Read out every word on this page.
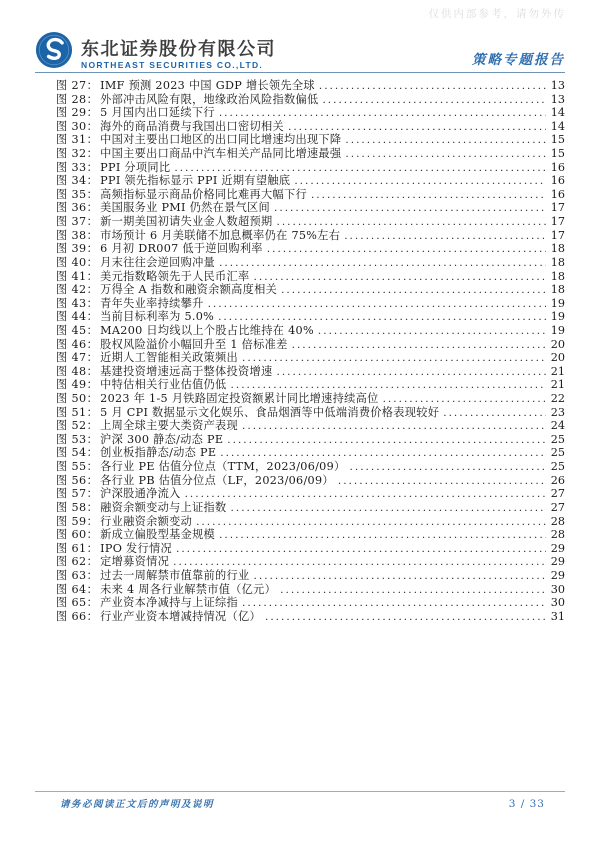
仅供内部参考，请勿外传
东北证券股份有限公司
NORTHEAST SECURITIES CO.,LTD.	策略专题报告
图 27： IMF 预测 2023 中国 GDP 增长领先全球 .....	13
图 28： 外部冲击风险有限，地缘政治风险指数偏低 .....	13
图 29： 5 月国内出口延续下行 .....	14
图 30： 海外的商品消费与我国出口密切相关 .....	14
图 31： 中国对主要出口地区的出口同比增速均出现下降 .....	15
图 32： 中国主要出口商品中汽车相关产品同比增速最强 .....	15
图 33： PPI 分项同比 .....	16
图 34： PPI 领先指标显示 PPI 近期有望触底 .....	16
图 35： 高频指标显示商品价格同比难再大幅下行 .....	16
图 36： 美国服务业 PMI 仍然在景气区间 .....	17
图 37： 新一期美国初请失业金人数超预期 .....	17
图 38： 市场预计 6 月美联储不加息概率仍在 75%左右 .....	17
图 39： 6 月初 DR007 低于逆回购利率 .....	18
图 40： 月末往往会逆回购冲量 .....	18
图 41： 美元指数略领先于人民币汇率 .....	18
图 42： 万得全 A 指数和融资余额高度相关 .....	18
图 43： 青年失业率持续攀升 .....	19
图 44： 当前目标利率为 5.0% .....	19
图 45： MA200 日均线以上个股占比维持在 40% .....	19
图 46： 股权风险溢价小幅回升至 1 倍标准差 .....	20
图 47： 近期人工智能相关政策频出 .....	20
图 48： 基建投资增速远高于整体投资增速 .....	21
图 49： 中特估相关行业估值仍低 .....	21
图 50： 2023 年 1-5 月铁路固定投资额累计同比增速持续高位 .....	22
图 51： 5 月 CPI 数据显示文化娱乐、食品烟酒等中低端消费价格表现较好 .....	23
图 52： 上周全球主要大类资产表现 .....	24
图 53： 沪深 300 静态/动态 PE .....	25
图 54： 创业板指静态/动态 PE .....	25
图 55： 各行业 PE 估值分位点（TTM，2023/06/09） .....	25
图 56： 各行业 PB 估值分位点（LF，2023/06/09） .....	26
图 57： 沪深股通净流入 .....	27
图 58： 融资余额变动与上证指数 .....	27
图 59： 行业融资余额变动 .....	28
图 60： 新成立偏股型基金规模 .....	28
图 61： IPO 发行情况 .....	29
图 62： 定增募资情况 .....	29
图 63： 过去一周解禁市值靠前的行业 .....	29
图 64： 未来 4 周各行业解禁市值（亿元） .....	30
图 65： 产业资本净减持与上证综指 .....	30
图 66： 行业产业资本增减持情况（亿） .....	31
请务必阅读正文后的声明及说明	3 / 33
